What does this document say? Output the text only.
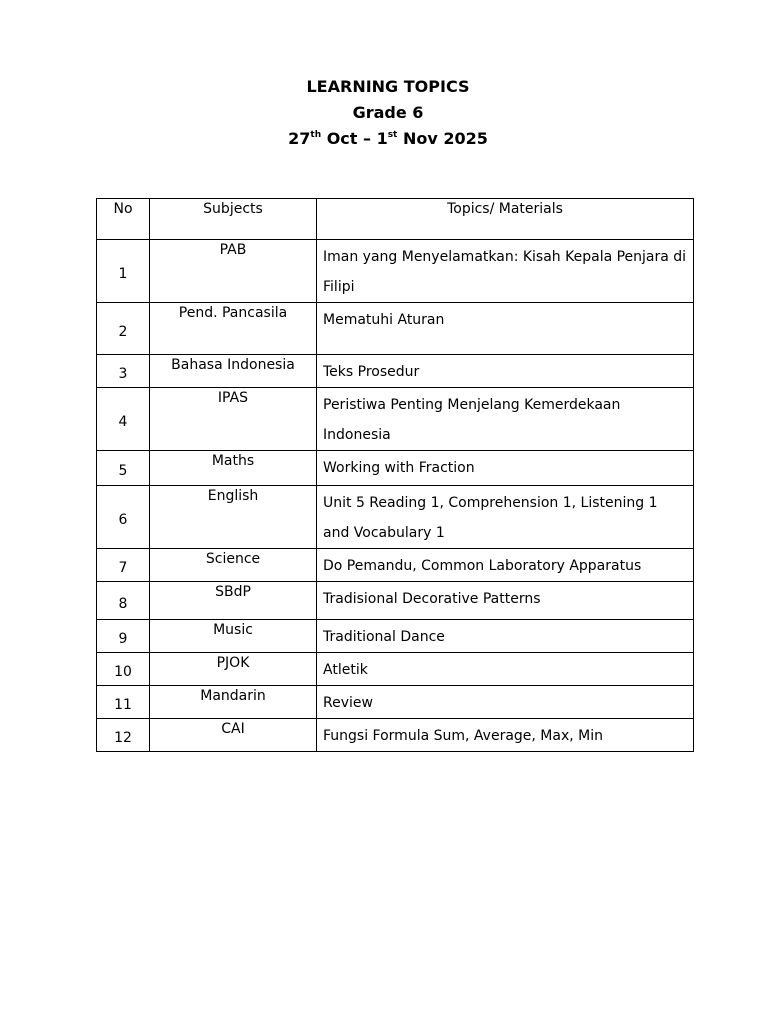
LEARNING TOPICS
Grade 6
27th Oct – 1st Nov 2025
No	Subjects	Topics/ Materials
1	PAB	Iman yang Menyelamatkan: Kisah Kepala Penjara di Filipi
2	Pend. Pancasila	Mematuhi Aturan
3	Bahasa Indonesia	Teks Prosedur
4	IPAS	Peristiwa Penting Menjelang Kemerdekaan Indonesia
5	Maths	Working with Fraction
6	English	Unit 5 Reading 1, Comprehension 1, Listening 1 and Vocabulary 1
7	Science	Do Pemandu, Common Laboratory Apparatus
8	SBdP	Tradisional Decorative Patterns
9	Music	Traditional Dance
10	PJOK	Atletik
11	Mandarin	Review
12	CAI	Fungsi Formula Sum, Average, Max, Min
